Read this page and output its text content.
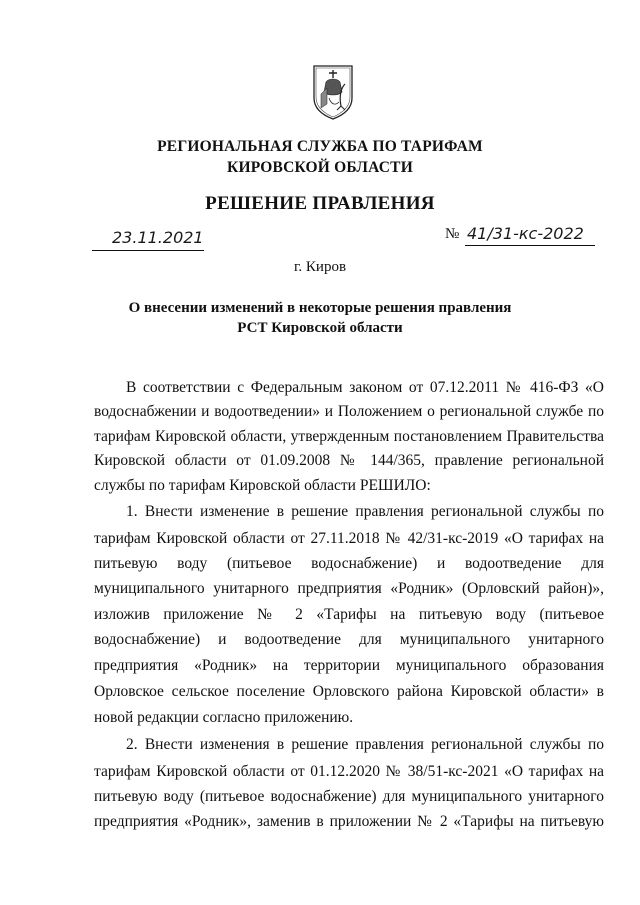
РЕГИОНАЛЬНАЯ СЛУЖБА ПО ТАРИФАМ
КИРОВСКОЙ ОБЛАСТИ
РЕШЕНИЕ ПРАВЛЕНИЯ
23.11.2021	№ 41/31-кс-2022
г. Киров
О внесении изменений в некоторые решения правления
РСТ Кировской области
В соответствии с Федеральным законом от 07.12.2011 № 416-ФЗ «О
водоснабжении и водоотведении» и Положением о региональной службе по
тарифам Кировской области, утвержденным постановлением Правительства
Кировской области от 01.09.2008 № 144/365, правление региональной
службы по тарифам Кировской области РЕШИЛО:
1. Внести изменение в решение правления региональной службы по
тарифам Кировской области от 27.11.2018 № 42/31-кс-2019 «О тарифах на
питьевую воду (питьевое водоснабжение) и водоотведение для
муниципального унитарного предприятия «Родник» (Орловский район)»,
изложив приложение № 2 «Тарифы на питьевую воду (питьевое
водоснабжение) и водоотведение для муниципального унитарного
предприятия «Родник» на территории муниципального образования
Орловское сельское поселение Орловского района Кировской области» в
новой редакции согласно приложению.
2. Внести изменения в решение правления региональной службы по
тарифам Кировской области от 01.12.2020 № 38/51-кс-2021 «О тарифах на
питьевую воду (питьевое водоснабжение) для муниципального унитарного
предприятия «Родник», заменив в приложении № 2 «Тарифы на питьевую
